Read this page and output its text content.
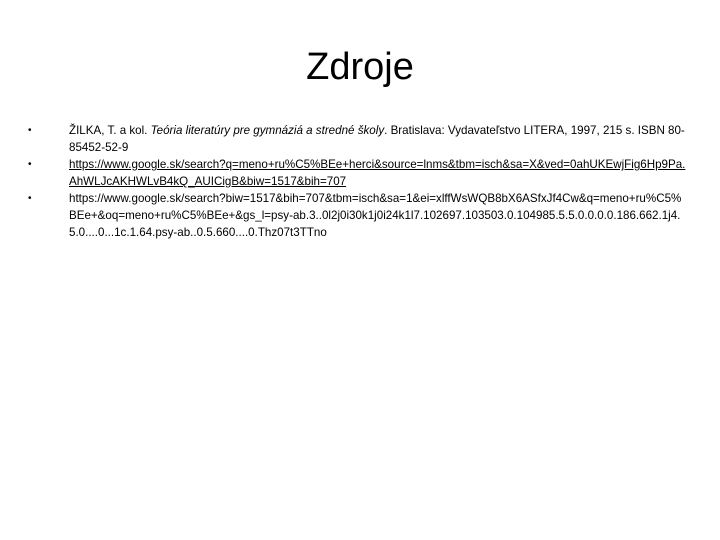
Zdroje
•	ŽILKA, T. a kol. Teória literatúry pre gymnáziá a stredné školy. Bratislava: Vydavateľstvo LITERA, 1997, 215 s. ISBN 80-85452-52-9
•	https://www.google.sk/search?q=meno+ru%C5%BEe+herci&source=lnms&tbm=isch&sa=X&ved=0ahUKEwjFig6Hp9Pa.AhWLJcAKHWLvB4kQ_AUICigB&biw=1517&bih=707
•	https://www.google.sk/search?biw=1517&bih=707&tbm=isch&sa=1&ei=xlffWsWQB8bX6ASfxJf4Cw&q=meno+ru%C5%BEe+&oq=meno+ru%C5%BEe+&gs_l=psy-ab.3..0l2j0i30k1j0i24k1l7.102697.103503.0.104985.5.5.0.0.0.0.186.662.1j4.5.0....0...1c.1.64.psy-ab..0.5.660....0.Thz07t3TTno
